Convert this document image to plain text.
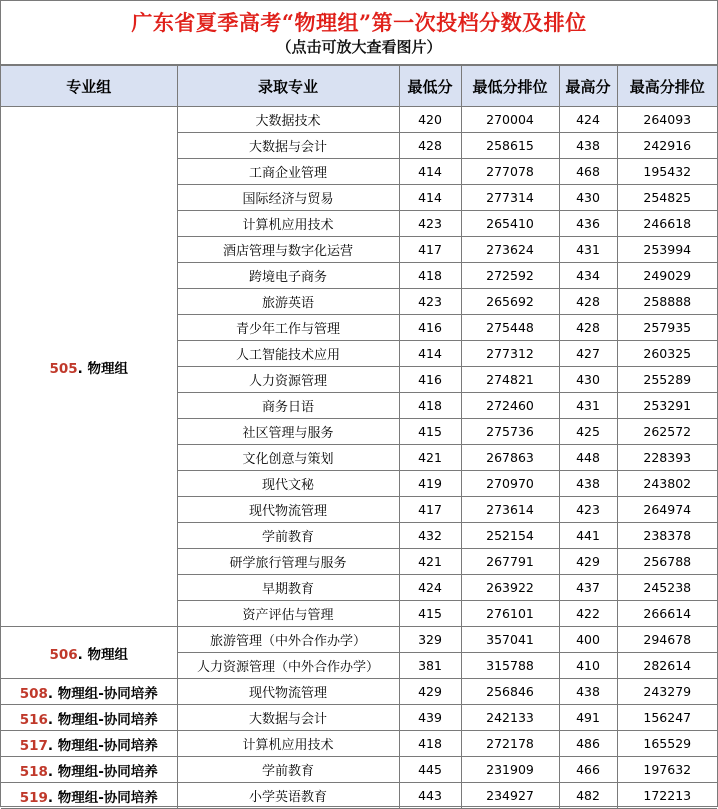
广东省夏季高考“物理组”第一次投档分数及排位
（点击可放大查看图片）
专业组	录取专业	最低分	最低分排位	最高分	最高分排位
505. 物理组	大数据技术	420	270004	424	264093
	大数据与会计	428	258615	438	242916
	工商企业管理	414	277078	468	195432
	国际经济与贸易	414	277314	430	254825
	计算机应用技术	423	265410	436	246618
	酒店管理与数字化运营	417	273624	431	253994
	跨境电子商务	418	272592	434	249029
	旅游英语	423	265692	428	258888
	青少年工作与管理	416	275448	428	257935
	人工智能技术应用	414	277312	427	260325
	人力资源管理	416	274821	430	255289
	商务日语	418	272460	431	253291
	社区管理与服务	415	275736	425	262572
	文化创意与策划	421	267863	448	228393
	现代文秘	419	270970	438	243802
	现代物流管理	417	273614	423	264974
	学前教育	432	252154	441	238378
	研学旅行管理与服务	421	267791	429	256788
	早期教育	424	263922	437	245238
	资产评估与管理	415	276101	422	266614
506. 物理组	旅游管理（中外合作办学）	329	357041	400	294678
	人力资源管理（中外合作办学）	381	315788	410	282614
508. 物理组-协同培养	现代物流管理	429	256846	438	243279
516. 物理组-协同培养	大数据与会计	439	242133	491	156247
517. 物理组-协同培养	计算机应用技术	418	272178	486	165529
518. 物理组-协同培养	学前教育	445	231909	466	197632
519. 物理组-协同培养	小学英语教育	443	234927	482	172213
